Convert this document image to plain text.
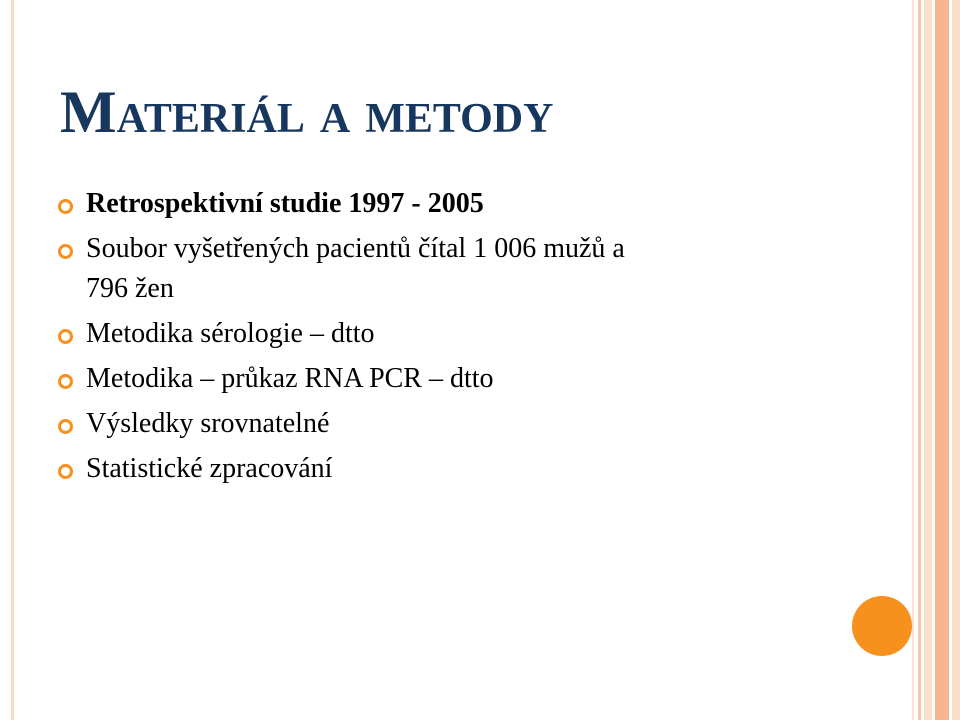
Materiál a metody
Retrospektivní studie 1997 - 2005
Soubor vyšetřených pacientů čítal 1 006 mužů a
796 žen
Metodika sérologie – dtto
Metodika – průkaz RNA PCR – dtto
Výsledky srovnatelné
Statistické zpracování
